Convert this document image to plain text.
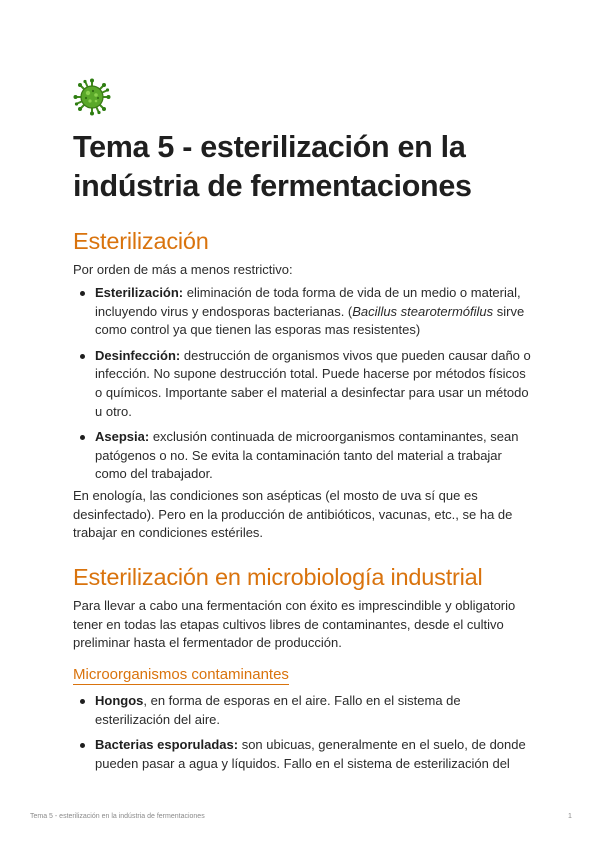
Tema 5 - esterilización en la indústria de fermentaciones
Esterilización

Por orden de más a menos restrictivo:

Esterilización: eliminación de toda forma de vida de un medio o material, incluyendo virus y endosporas bacterianas. (Bacillus stearotermófilus sirve como control ya que tienen las esporas mas resistentes)
Desinfección: destrucción de organismos vivos que pueden causar daño o infección. No supone destrucción total. Puede hacerse por métodos físicos o químicos. Importante saber el material a desinfectar para usar un método u otro.
Asepsia: exclusión continuada de microorganismos contaminantes, sean patógenos o no. Se evita la contaminación tanto del material a trabajar como del trabajador.

En enología, las condiciones son asépticas (el mosto de uva sí que es desinfectado). Pero en la producción de antibióticos, vacunas, etc., se ha de trabajar en condiciones estériles.

Esterilización en microbiología industrial

Para llevar a cabo una fermentación con éxito es imprescindible y obligatorio tener en todas las etapas cultivos libres de contaminantes, desde el cultivo preliminar hasta el fermentador de producción.

Microorganismos contaminantes
Hongos, en forma de esporas en el aire. Fallo en el sistema de esterilización del aire.
Bacterias esporuladas: son ubicuas, generalmente en el suelo, de donde pueden pasar a agua y líquidos. Fallo en el sistema de esterilización del
Tema 5 - esterilización en la indústria de fermentaciones	1
